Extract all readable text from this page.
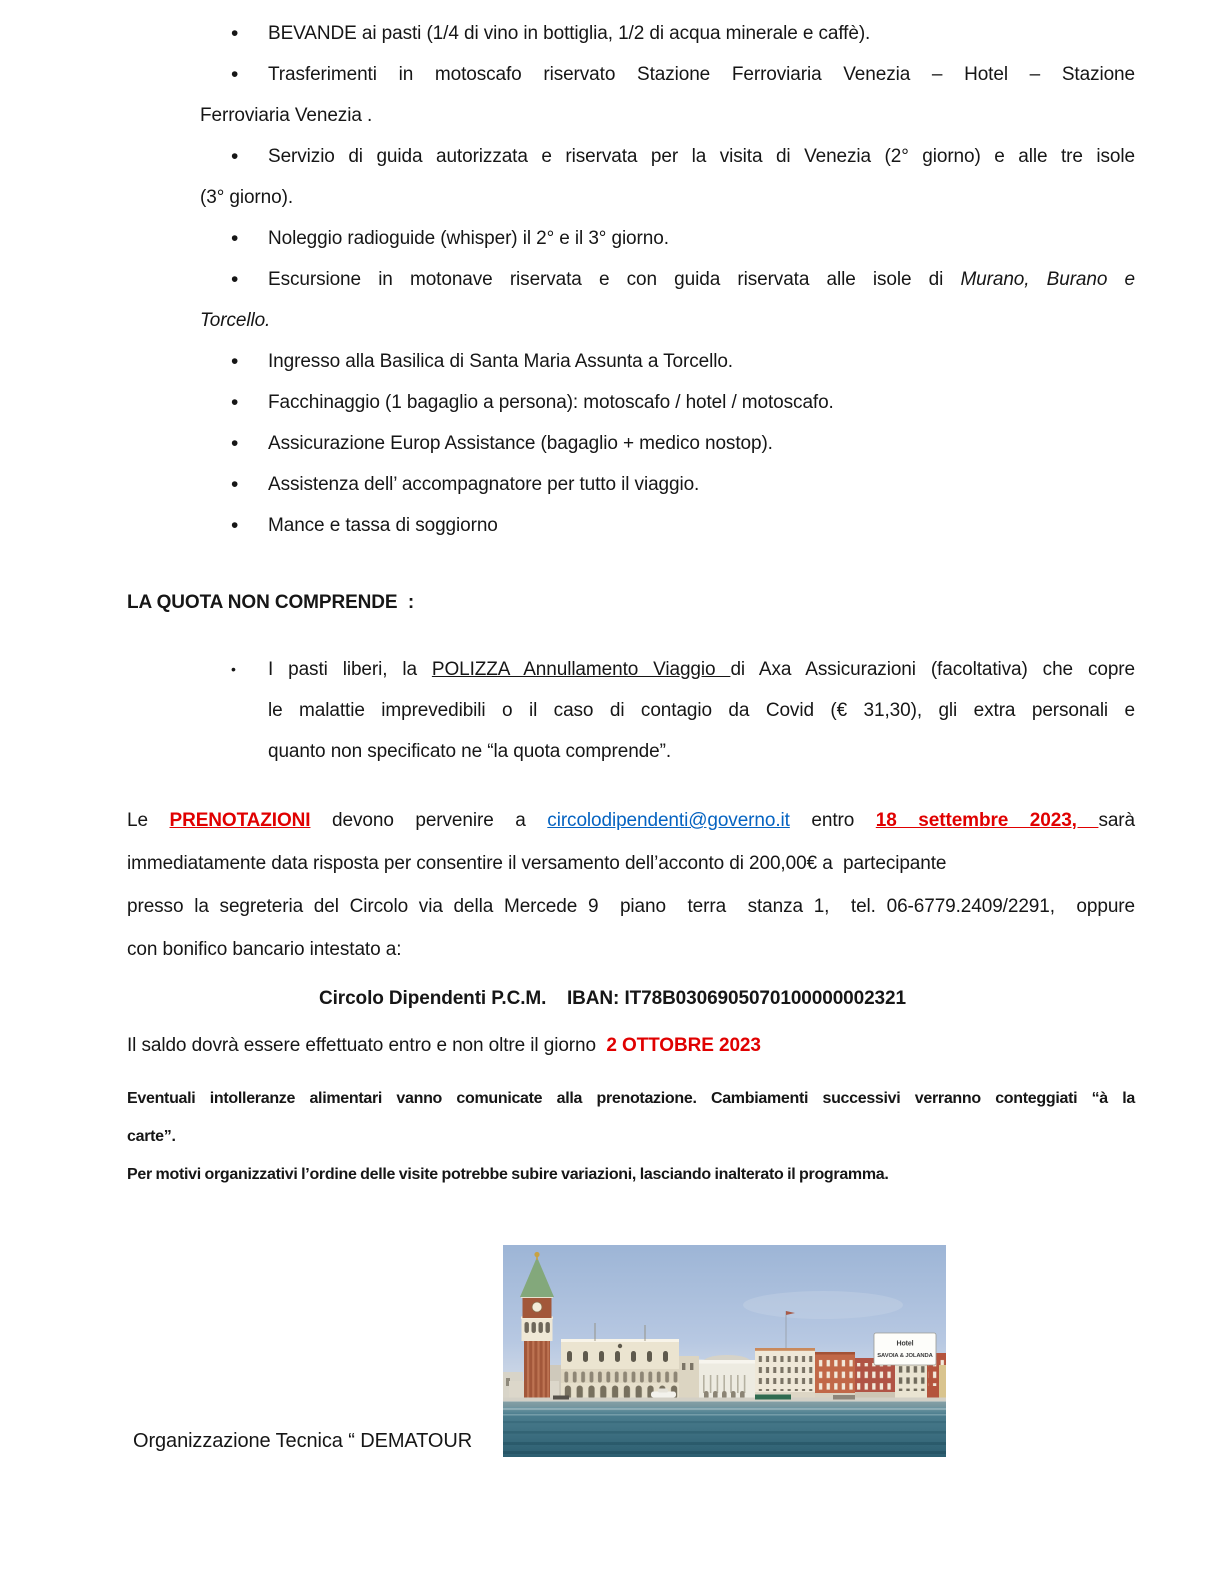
•	BEVANDE ai pasti (1/4 di vino in bottiglia, 1/2 di acqua minerale e caffè).
•	Trasferimenti in motoscafo riservato Stazione Ferroviaria Venezia – Hotel – Stazione
Ferroviaria Venezia .
•	Servizio di guida autorizzata e riservata per la visita di Venezia (2° giorno) e alle tre isole
(3° giorno).
•	Noleggio radioguide (whisper) il 2° e il 3° giorno.
•	Escursione in motonave riservata e con guida riservata alle isole di Murano, Burano e
Torcello.
•	Ingresso alla Basilica di Santa Maria Assunta a Torcello.
•	Facchinaggio (1 bagaglio a persona): motoscafo / hotel / motoscafo.
•	Assicurazione Europ Assistance (bagaglio + medico nostop).
•	Assistenza dell’ accompagnatore per tutto il viaggio.
•	Mance e tassa di soggiorno
LA QUOTA NON COMPRENDE  :
•	I pasti liberi, la POLIZZA Annullamento Viaggio di Axa Assicurazioni (facoltativa) che copre
le malattie imprevedibili o il caso di contagio da Covid (€ 31,30), gli extra personali e
quanto non specificato ne “la quota comprende”.
Le PRENOTAZIONI devono pervenire a circolodipendenti@governo.it entro 18 settembre 2023, sarà
immediatamente data risposta per consentire il versamento dell’acconto di 200,00€ a  partecipante
presso la segreteria del Circolo via della Mercede 9  piano  terra  stanza 1,  tel. 06-6779.2409/2291,  oppure
con bonifico bancario intestato a:
Circolo Dipendenti P.C.M.    IBAN: IT78B0306905070100000002321
Il saldo dovrà essere effettuato entro e non oltre il giorno  2 OTTOBRE 2023
Eventuali intolleranze alimentari vanno comunicate alla prenotazione. Cambiamenti successivi verranno conteggiati “à la
carte”.
Per motivi organizzativi l’ordine delle visite potrebbe subire variazioni, lasciando inalterato il programma.
Hotel
SAVOIA & JOLANDA
Organizzazione Tecnica “ DEMATOUR
